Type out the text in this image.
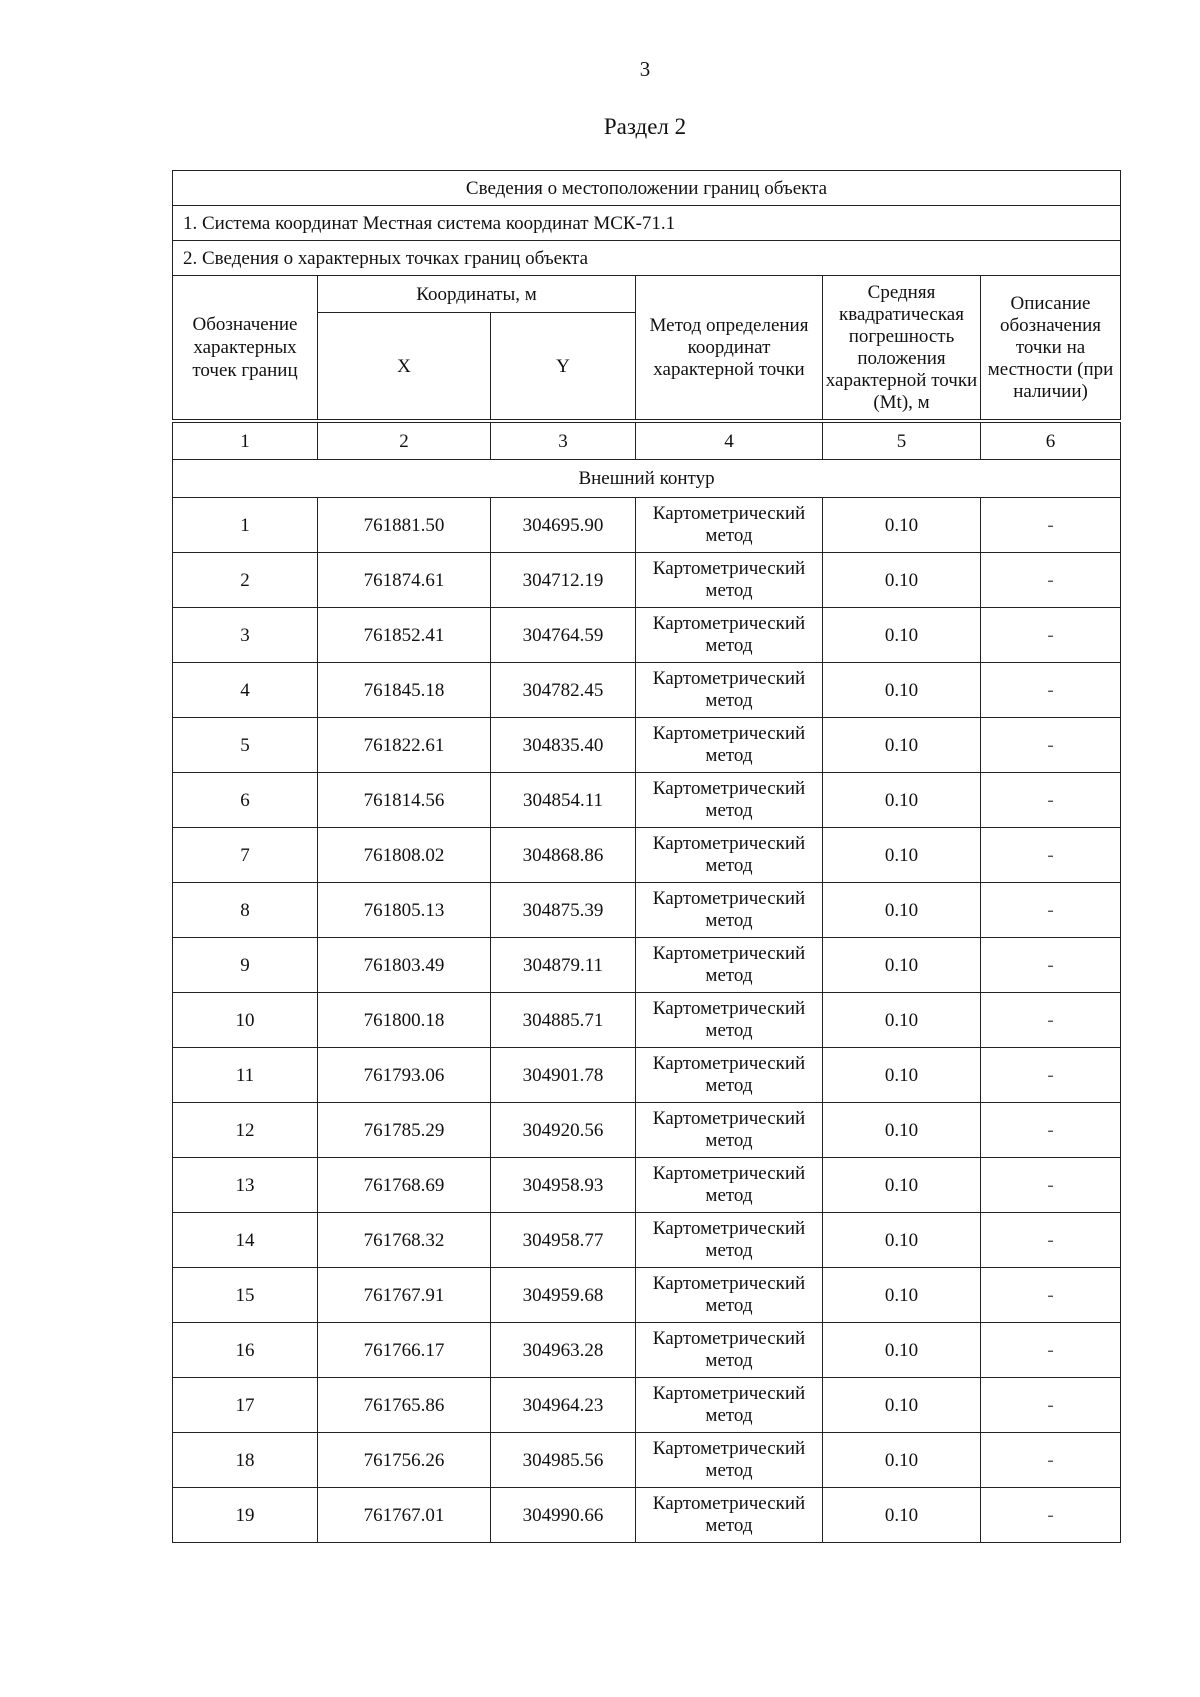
3
Раздел 2
Сведения о местоположении границ объекта					
1. Система координат Местная система координат МСК-71.1					
2. Сведения о характерных точках границ объекта					
Обозначение характерных точек границ	Координаты, м		Метод определения координат характерной точки	Средняя квадратическая погрешность положения характерной точки (Mt), м	Описание обозначения точки на местности (при наличии)
	X	Y			
1	2	3	4	5	6
Внешний контур					
1	761881.50	304695.90	Картометрический метод	0.10	-
2	761874.61	304712.19	Картометрический метод	0.10	-
3	761852.41	304764.59	Картометрический метод	0.10	-
4	761845.18	304782.45	Картометрический метод	0.10	-
5	761822.61	304835.40	Картометрический метод	0.10	-
6	761814.56	304854.11	Картометрический метод	0.10	-
7	761808.02	304868.86	Картометрический метод	0.10	-
8	761805.13	304875.39	Картометрический метод	0.10	-
9	761803.49	304879.11	Картометрический метод	0.10	-
10	761800.18	304885.71	Картометрический метод	0.10	-
11	761793.06	304901.78	Картометрический метод	0.10	-
12	761785.29	304920.56	Картометрический метод	0.10	-
13	761768.69	304958.93	Картометрический метод	0.10	-
14	761768.32	304958.77	Картометрический метод	0.10	-
15	761767.91	304959.68	Картометрический метод	0.10	-
16	761766.17	304963.28	Картометрический метод	0.10	-
17	761765.86	304964.23	Картометрический метод	0.10	-
18	761756.26	304985.56	Картометрический метод	0.10	-
19	761767.01	304990.66	Картометрический метод	0.10	-
